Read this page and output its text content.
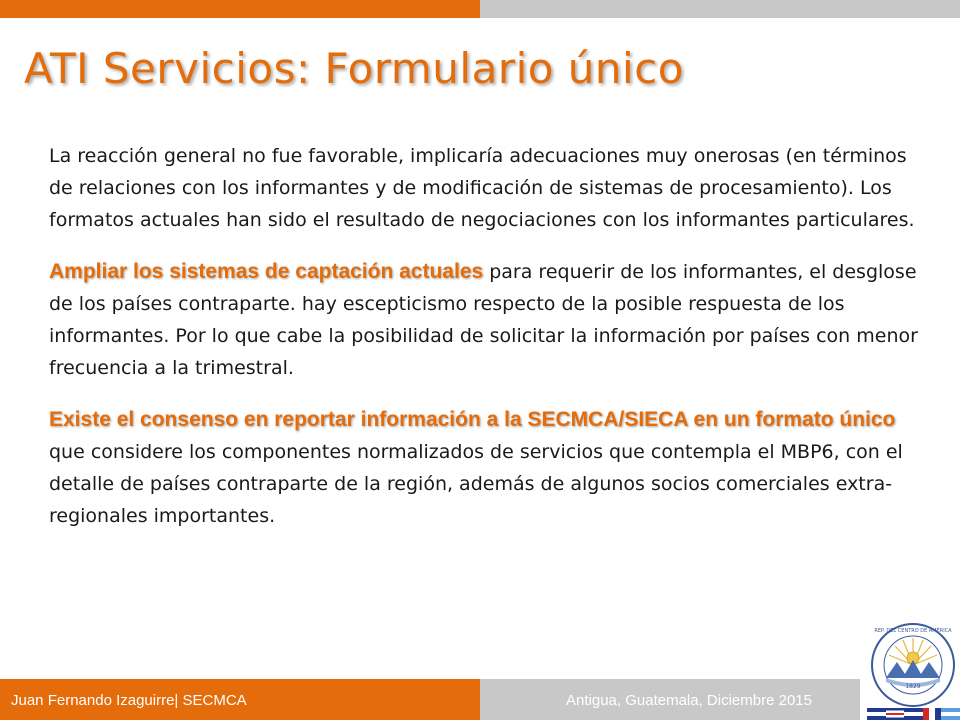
ATI Servicios: Formulario único

La reacción general no fue favorable, implicaría adecuaciones muy onerosas (en términos de relaciones con los informantes y de modificación de sistemas de procesamiento). Los formatos actuales han sido el resultado de negociaciones con los informantes particulares.

Ampliar los sistemas de captación actuales para requerir de los informantes, el desglose de los países contraparte. hay escepticismo respecto de la posible respuesta de los informantes. Por lo que cabe la posibilidad de solicitar la información por países con menor frecuencia a la trimestral.

Existe el consenso en reportar información a la SECMCA/SIECA en un formato único que considere los componentes normalizados de servicios que contempla el MBP6, con el detalle de países contraparte de la región, además de algunos socios comerciales extra-regionales importantes.

Juan Fernando Izaguirre| SECMCA	Antigua, Guatemala, Diciembre 2015
1829
REP. DEL CENTRO DE AMÉRICA
